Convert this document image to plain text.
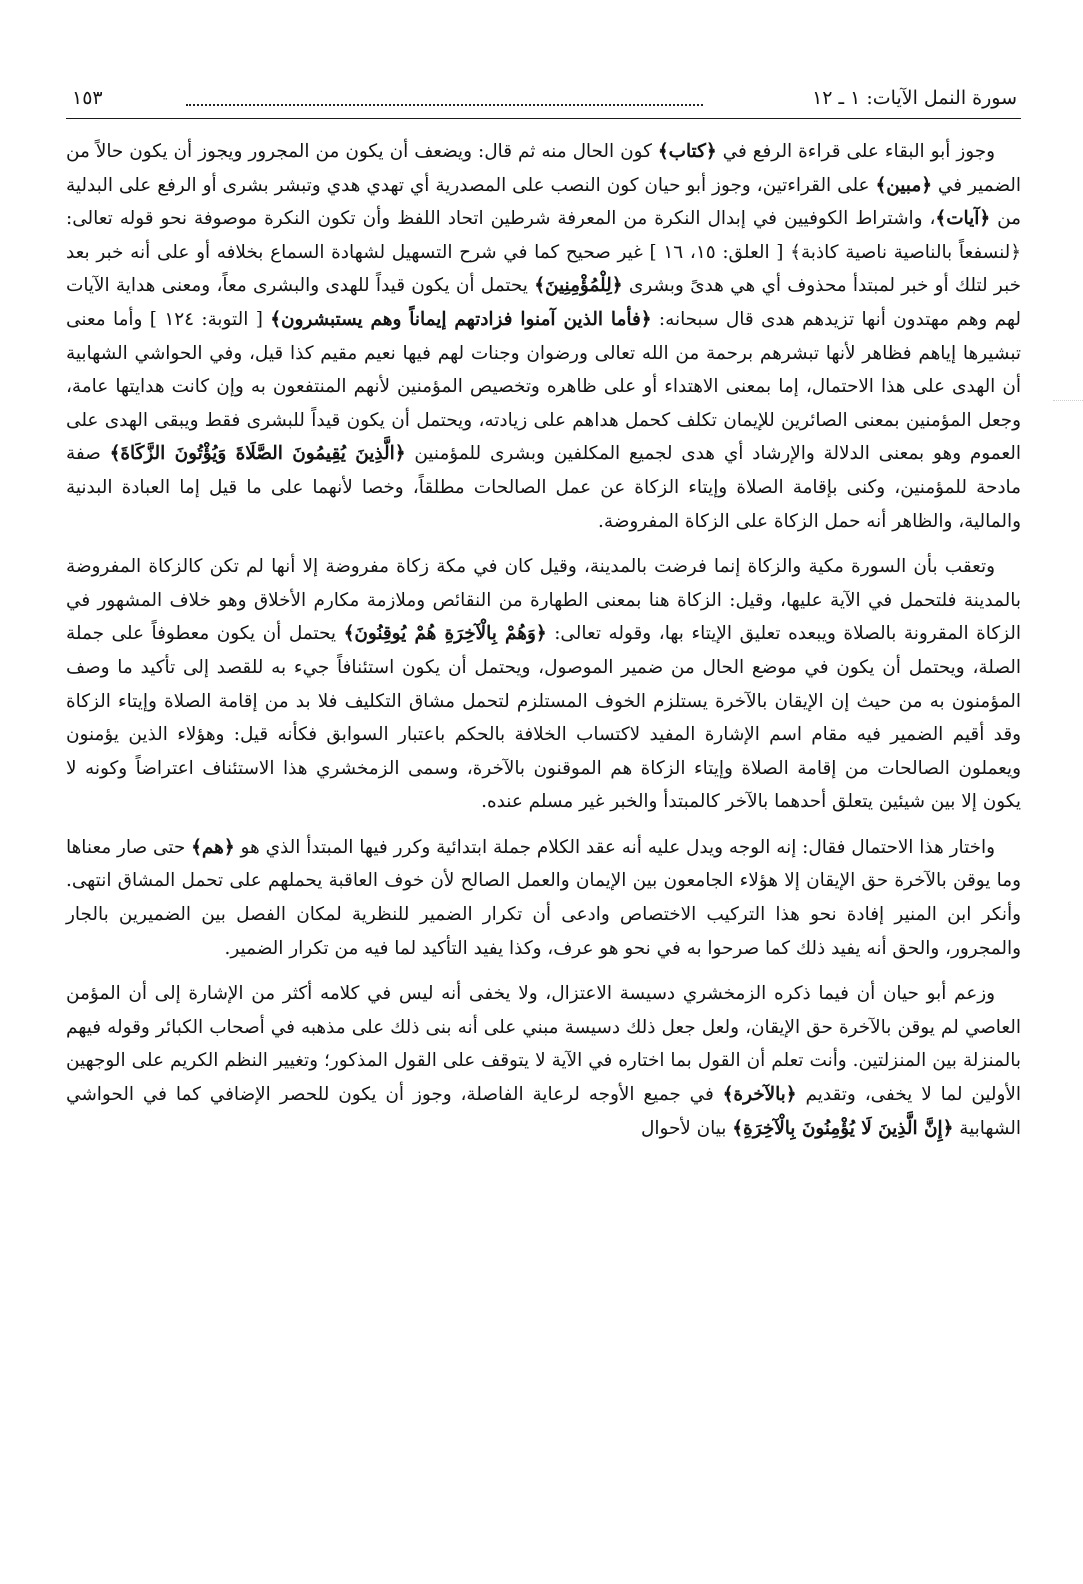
سورة النمل الآيات: ١ ـ ١٢
١٥٣

وجوز أبو البقاء على قراءة الرفع في ﴿كتاب﴾ كون الحال منه ثم قال: ويضعف أن يكون من المجرور ويجوز أن يكون حالاً من الضمير في ﴿مبين﴾ على القراءتين، وجوز أبو حيان كون النصب على المصدرية أي تهدي هدي وتبشر بشرى أو الرفع على البدلية من ﴿آيات﴾، واشتراط الكوفيين في إبدال النكرة من المعرفة شرطين اتحاد اللفظ وأن تكون النكرة موصوفة نحو قوله تعالى: ﴿لنسفعاً بالناصية ناصية كاذبة﴾ [ العلق: ١٥، ١٦ ] غير صحيح كما في شرح التسهيل لشهادة السماع بخلافه أو على أنه خبر بعد خبر لتلك أو خبر لمبتدأ محذوف أي هي هدىً وبشرى ﴿لِلْمُؤْمِنِينَ﴾ يحتمل أن يكون قيداً للهدى والبشرى معاً، ومعنى هداية الآيات لهم وهم مهتدون أنها تزيدهم هدى قال سبحانه: ﴿فأما الذين آمنوا فزادتهم إيماناً وهم يستبشرون﴾ [ التوبة: ١٢٤ ] وأما معنى تبشيرها إياهم فظاهر لأنها تبشرهم برحمة من الله تعالى ورضوان وجنات لهم فيها نعيم مقيم كذا قيل، وفي الحواشي الشهابية أن الهدى على هذا الاحتمال، إما بمعنى الاهتداء أو على ظاهره وتخصيص المؤمنين لأنهم المنتفعون به وإن كانت هدايتها عامة، وجعل المؤمنين بمعنى الصائرين للإيمان تكلف كحمل هداهم على زيادته، ويحتمل أن يكون قيداً للبشرى فقط ويبقى الهدى على العموم وهو بمعنى الدلالة والإرشاد أي هدى لجميع المكلفين وبشرى للمؤمنين ﴿الَّذِينَ يُقِيمُونَ الصَّلَاةَ وَيُؤْتُونَ الزَّكَاةَ﴾ صفة مادحة للمؤمنين، وكنى بإقامة الصلاة وإيتاء الزكاة عن عمل الصالحات مطلقاً، وخصا لأنهما على ما قيل إما العبادة البدنية والمالية، والظاهر أنه حمل الزكاة على الزكاة المفروضة.

وتعقب بأن السورة مكية والزكاة إنما فرضت بالمدينة، وقيل كان في مكة زكاة مفروضة إلا أنها لم تكن كالزكاة المفروضة بالمدينة فلتحمل في الآية عليها، وقيل: الزكاة هنا بمعنى الطهارة من النقائص وملازمة مكارم الأخلاق وهو خلاف المشهور في الزكاة المقرونة بالصلاة ويبعده تعليق الإيتاء بها، وقوله تعالى: ﴿وَهُمْ بِالْآخِرَةِ هُمْ يُوقِنُونَ﴾ يحتمل أن يكون معطوفاً على جملة الصلة، ويحتمل أن يكون في موضع الحال من ضمير الموصول، ويحتمل أن يكون استئنافاً جيء به للقصد إلى تأكيد ما وصف المؤمنون به من حيث إن الإيقان بالآخرة يستلزم الخوف المستلزم لتحمل مشاق التكليف فلا بد من إقامة الصلاة وإيتاء الزكاة وقد أقيم الضمير فيه مقام اسم الإشارة المفيد لاكتساب الخلافة بالحكم باعتبار السوابق فكأنه قيل: وهؤلاء الذين يؤمنون ويعملون الصالحات من إقامة الصلاة وإيتاء الزكاة هم الموقنون بالآخرة، وسمى الزمخشري هذا الاستئناف اعتراضاً وكونه لا يكون إلا بين شيئين يتعلق أحدهما بالآخر كالمبتدأ والخبر غير مسلم عنده.

واختار هذا الاحتمال فقال: إنه الوجه ويدل عليه أنه عقد الكلام جملة ابتدائية وكرر فيها المبتدأ الذي هو ﴿هم﴾ حتى صار معناها وما يوقن بالآخرة حق الإيقان إلا هؤلاء الجامعون بين الإيمان والعمل الصالح لأن خوف العاقبة يحملهم على تحمل المشاق انتهى. وأنكر ابن المنير إفادة نحو هذا التركيب الاختصاص وادعى أن تكرار الضمير للنظرية لمكان الفصل بين الضميرين بالجار والمجرور، والحق أنه يفيد ذلك كما صرحوا به في نحو هو عرف، وكذا يفيد التأكيد لما فيه من تكرار الضمير.

وزعم أبو حيان أن فيما ذكره الزمخشري دسيسة الاعتزال، ولا يخفى أنه ليس في كلامه أكثر من الإشارة إلى أن المؤمن العاصي لم يوقن بالآخرة حق الإيقان، ولعل جعل ذلك دسيسة مبني على أنه بنى ذلك على مذهبه في أصحاب الكبائر وقوله فيهم بالمنزلة بين المنزلتين. وأنت تعلم أن القول بما اختاره في الآية لا يتوقف على القول المذكور؛ وتغيير النظم الكريم على الوجهين الأولين لما لا يخفى، وتقديم ﴿بالآخرة﴾ في جميع الأوجه لرعاية الفاصلة، وجوز أن يكون للحصر الإضافي كما في الحواشي الشهابية ﴿إِنَّ الَّذِينَ لَا يُؤْمِنُونَ بِالْآخِرَةِ﴾ بيان لأحوال
